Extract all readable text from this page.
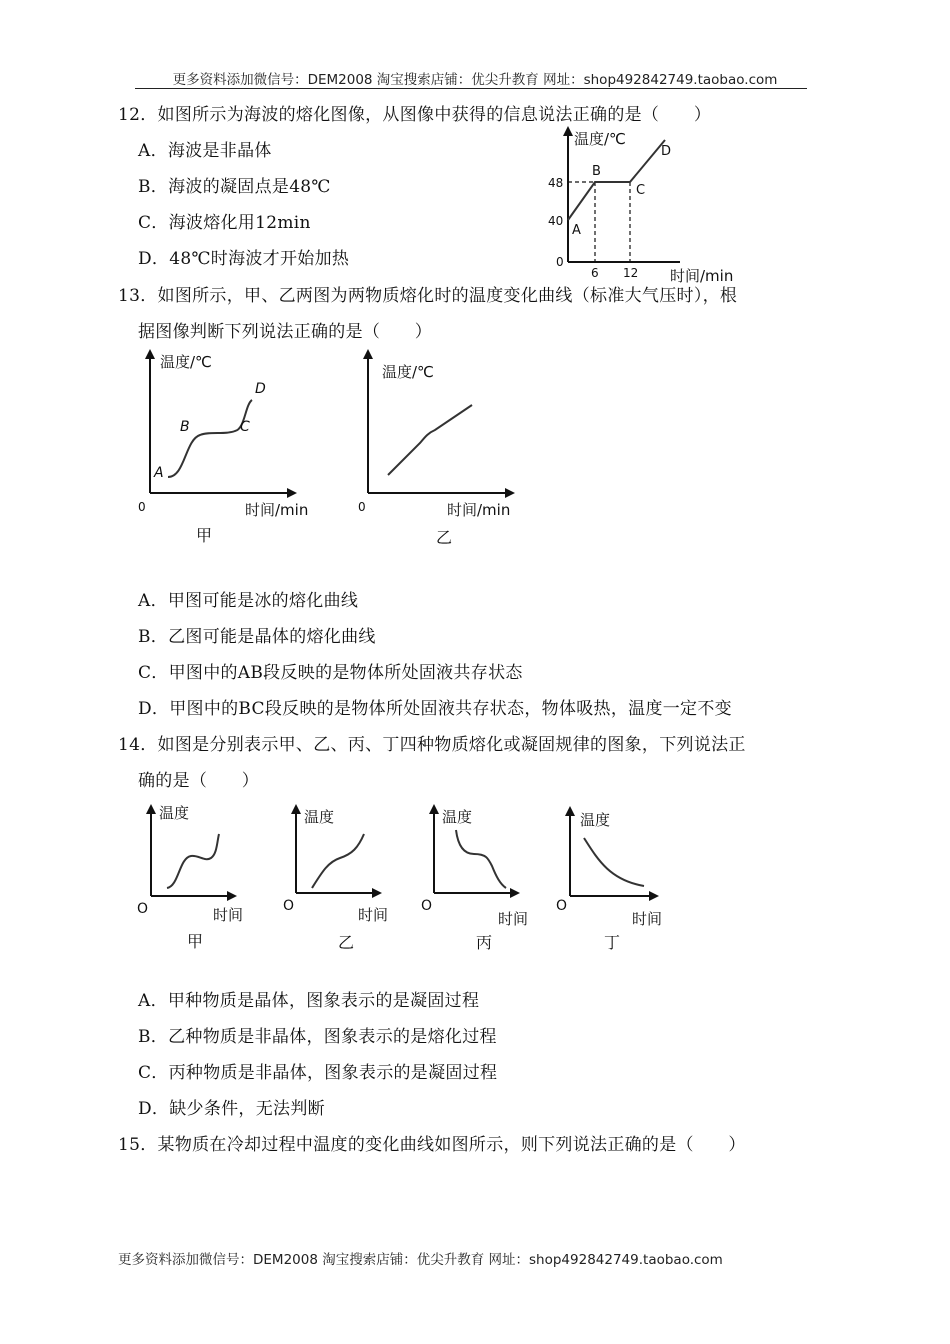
更多资料添加微信号：DEM2008 淘宝搜索店铺：优尖升教育 网址：shop492842749.taobao.com
12．如图所示为海波的熔化图像，从图像中获得的信息说法正确的是（　　）
A．海波是非晶体
B．海波的凝固点是48℃
C．海波熔化用12min
D．48℃时海波才开始加热
温度/℃
48
40
0
6 12 时间/min
A
B
C
D
13．如图所示，甲、乙两图为两物质熔化时的温度变化曲线（标准大气压时），根
据图像判断下列说法正确的是（　　）
温度/℃
0	时间/min
甲
A
B	C
D
温度/℃
0	时间/min
乙
A．甲图可能是冰的熔化曲线
B．乙图可能是晶体的熔化曲线
C．甲图中的AB段反映的是物体所处固液共存状态
D．甲图中的BC段反映的是物体所处固液共存状态，物体吸热，温度一定不变
14．如图是分别表示甲、乙、丙、丁四种物质熔化或凝固规律的图象，下列说法正
确的是（　　）
温度
O	时间
甲
温度
O	时间
乙
温度
O
时间
丙
温度
O
时间
丁
A．甲种物质是晶体，图象表示的是凝固过程
B．乙种物质是非晶体，图象表示的是熔化过程
C．丙种物质是非晶体，图象表示的是凝固过程
D．缺少条件，无法判断
15．某物质在冷却过程中温度的变化曲线如图所示，则下列说法正确的是（　　）
更多资料添加微信号：DEM2008 淘宝搜索店铺：优尖升教育 网址：shop492842749.taobao.com
